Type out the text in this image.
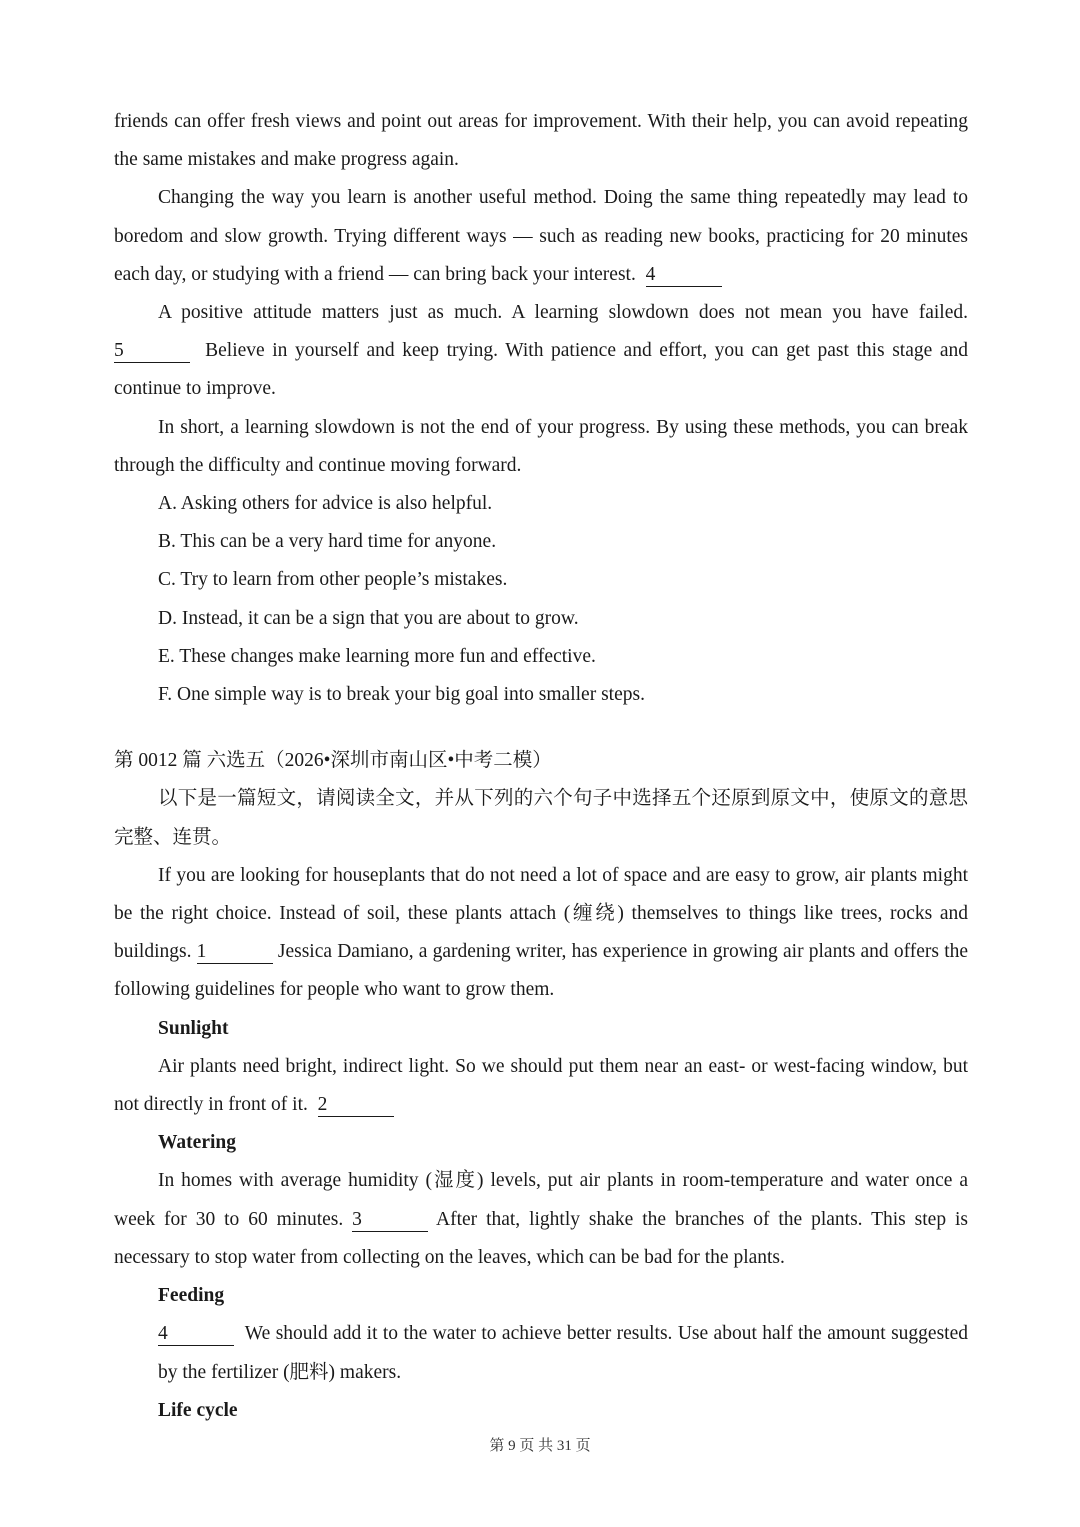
friends can offer fresh views and point out areas for improvement. With their help, you can avoid repeating the same mistakes and make progress again.

Changing the way you learn is another useful method. Doing the same thing repeatedly may lead to boredom and slow growth. Trying different ways — such as reading new books, practicing for 20 minutes each day, or studying with a friend — can bring back your interest. 4

A positive attitude matters just as much. A learning slowdown does not mean you have failed. 5	Believe in yourself and keep trying. With patience and effort, you can get past this stage and continue to improve.

In short, a learning slowdown is not the end of your progress. By using these methods, you can break through the difficulty and continue moving forward.

A. Asking others for advice is also helpful.

B. This can be a very hard time for anyone.

C. Try to learn from other people’s mistakes.

D. Instead, it can be a sign that you are about to grow.

E. These changes make learning more fun and effective.

F. One simple way is to break your big goal into smaller steps.

第 0012 篇 六选五（2026•深圳市南山区•中考二模）

以下是一篇短文，请阅读全文，并从下列的六个句子中选择五个还原到原文中，使原文的意思完整、连贯。

If you are looking for houseplants that do not need a lot of space and are easy to grow, air plants might be the right choice. Instead of soil, these plants attach (缠绕) themselves to things like trees, rocks and buildings. 1	Jessica Damiano, a gardening writer, has experience in growing air plants and offers the following guidelines for people who want to grow them.

Sunlight

Air plants need bright, indirect light. So we should put them near an east- or west-facing window, but not directly in front of it. 2

Watering

In homes with average humidity (湿度) levels, put air plants in room-temperature and water once a week for 30 to 60 minutes. 3	After that, lightly shake the branches of the plants. This step is necessary to stop water from collecting on the leaves, which can be bad for the plants.

Feeding

4	We should add it to the water to achieve better results. Use about half the amount suggested by the fertilizer (肥料) makers.

Life cycle

第 9 页 共 31 页
